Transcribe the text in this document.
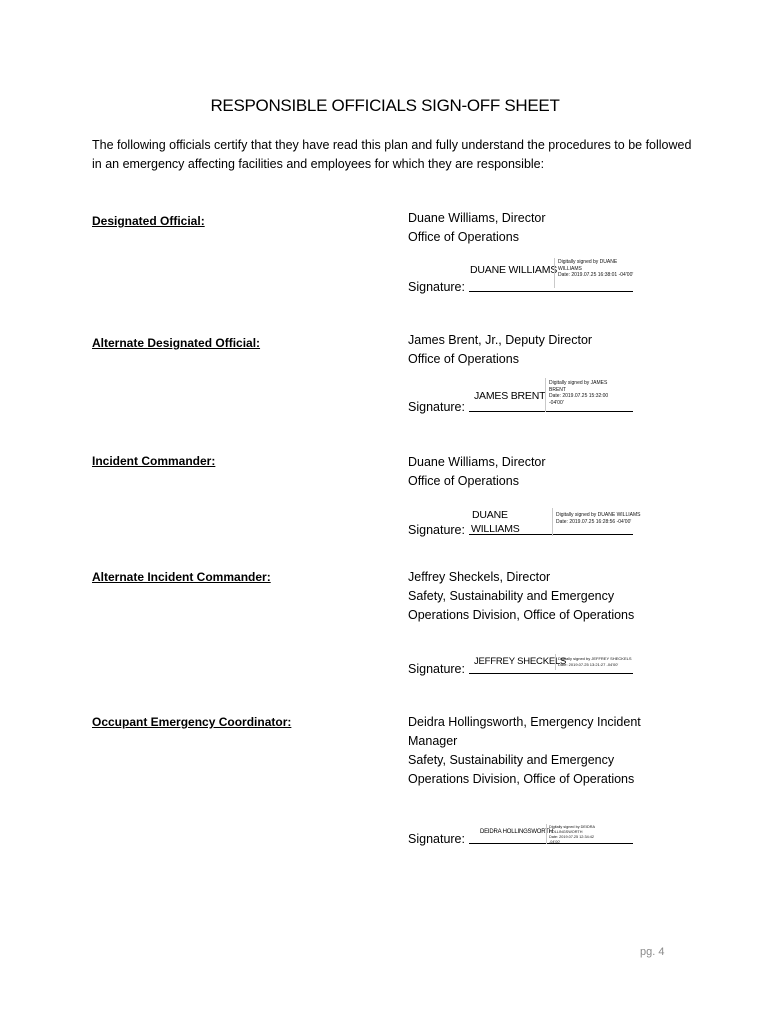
RESPONSIBLE OFFICIALS SIGN-OFF SHEET
The following officials certify that they have read this plan and fully understand the procedures to be followed in an emergency affecting facilities and employees for which they are responsible:
Designated Official:	Duane Williams, Director
Office of Operations
Signature:
DUANE WILLIAMS
Digitally signed by DUANE WILLIAMS
Date: 2019.07.25 16:38:01 -04'00'
Alternate Designated Official:	James Brent, Jr., Deputy Director
Office of Operations
Signature:
JAMES BRENT
Digitally signed by JAMES BRENT
Date: 2019.07.25 15:32:00 -04'00'
Incident Commander:	Duane Williams, Director
Office of Operations
Signature:
DUANE
WILLIAMS
Digitally signed by DUANE WILLIAMS
Date: 2019.07.25 16:28:56 -04'00'
Alternate Incident Commander:	Jeffrey Sheckels, Director
Safety, Sustainability and Emergency
Operations Division, Office of Operations
Signature:
JEFFREY SHECKELS
Digitally signed by JEFFREY SHECKELS
Date: 2019.07.25 13:21:27 -04'00'
Occupant Emergency Coordinator:	Deidra Hollingsworth, Emergency Incident
Manager
Safety, Sustainability and Emergency
Operations Division, Office of Operations
Signature:	DEIDRA HOLLINGSWORTH
Digitally signed by DEIDRA HOLLINGSWORTH
Date: 2019.07.25 12:34:42 -04'00'
pg. 4
